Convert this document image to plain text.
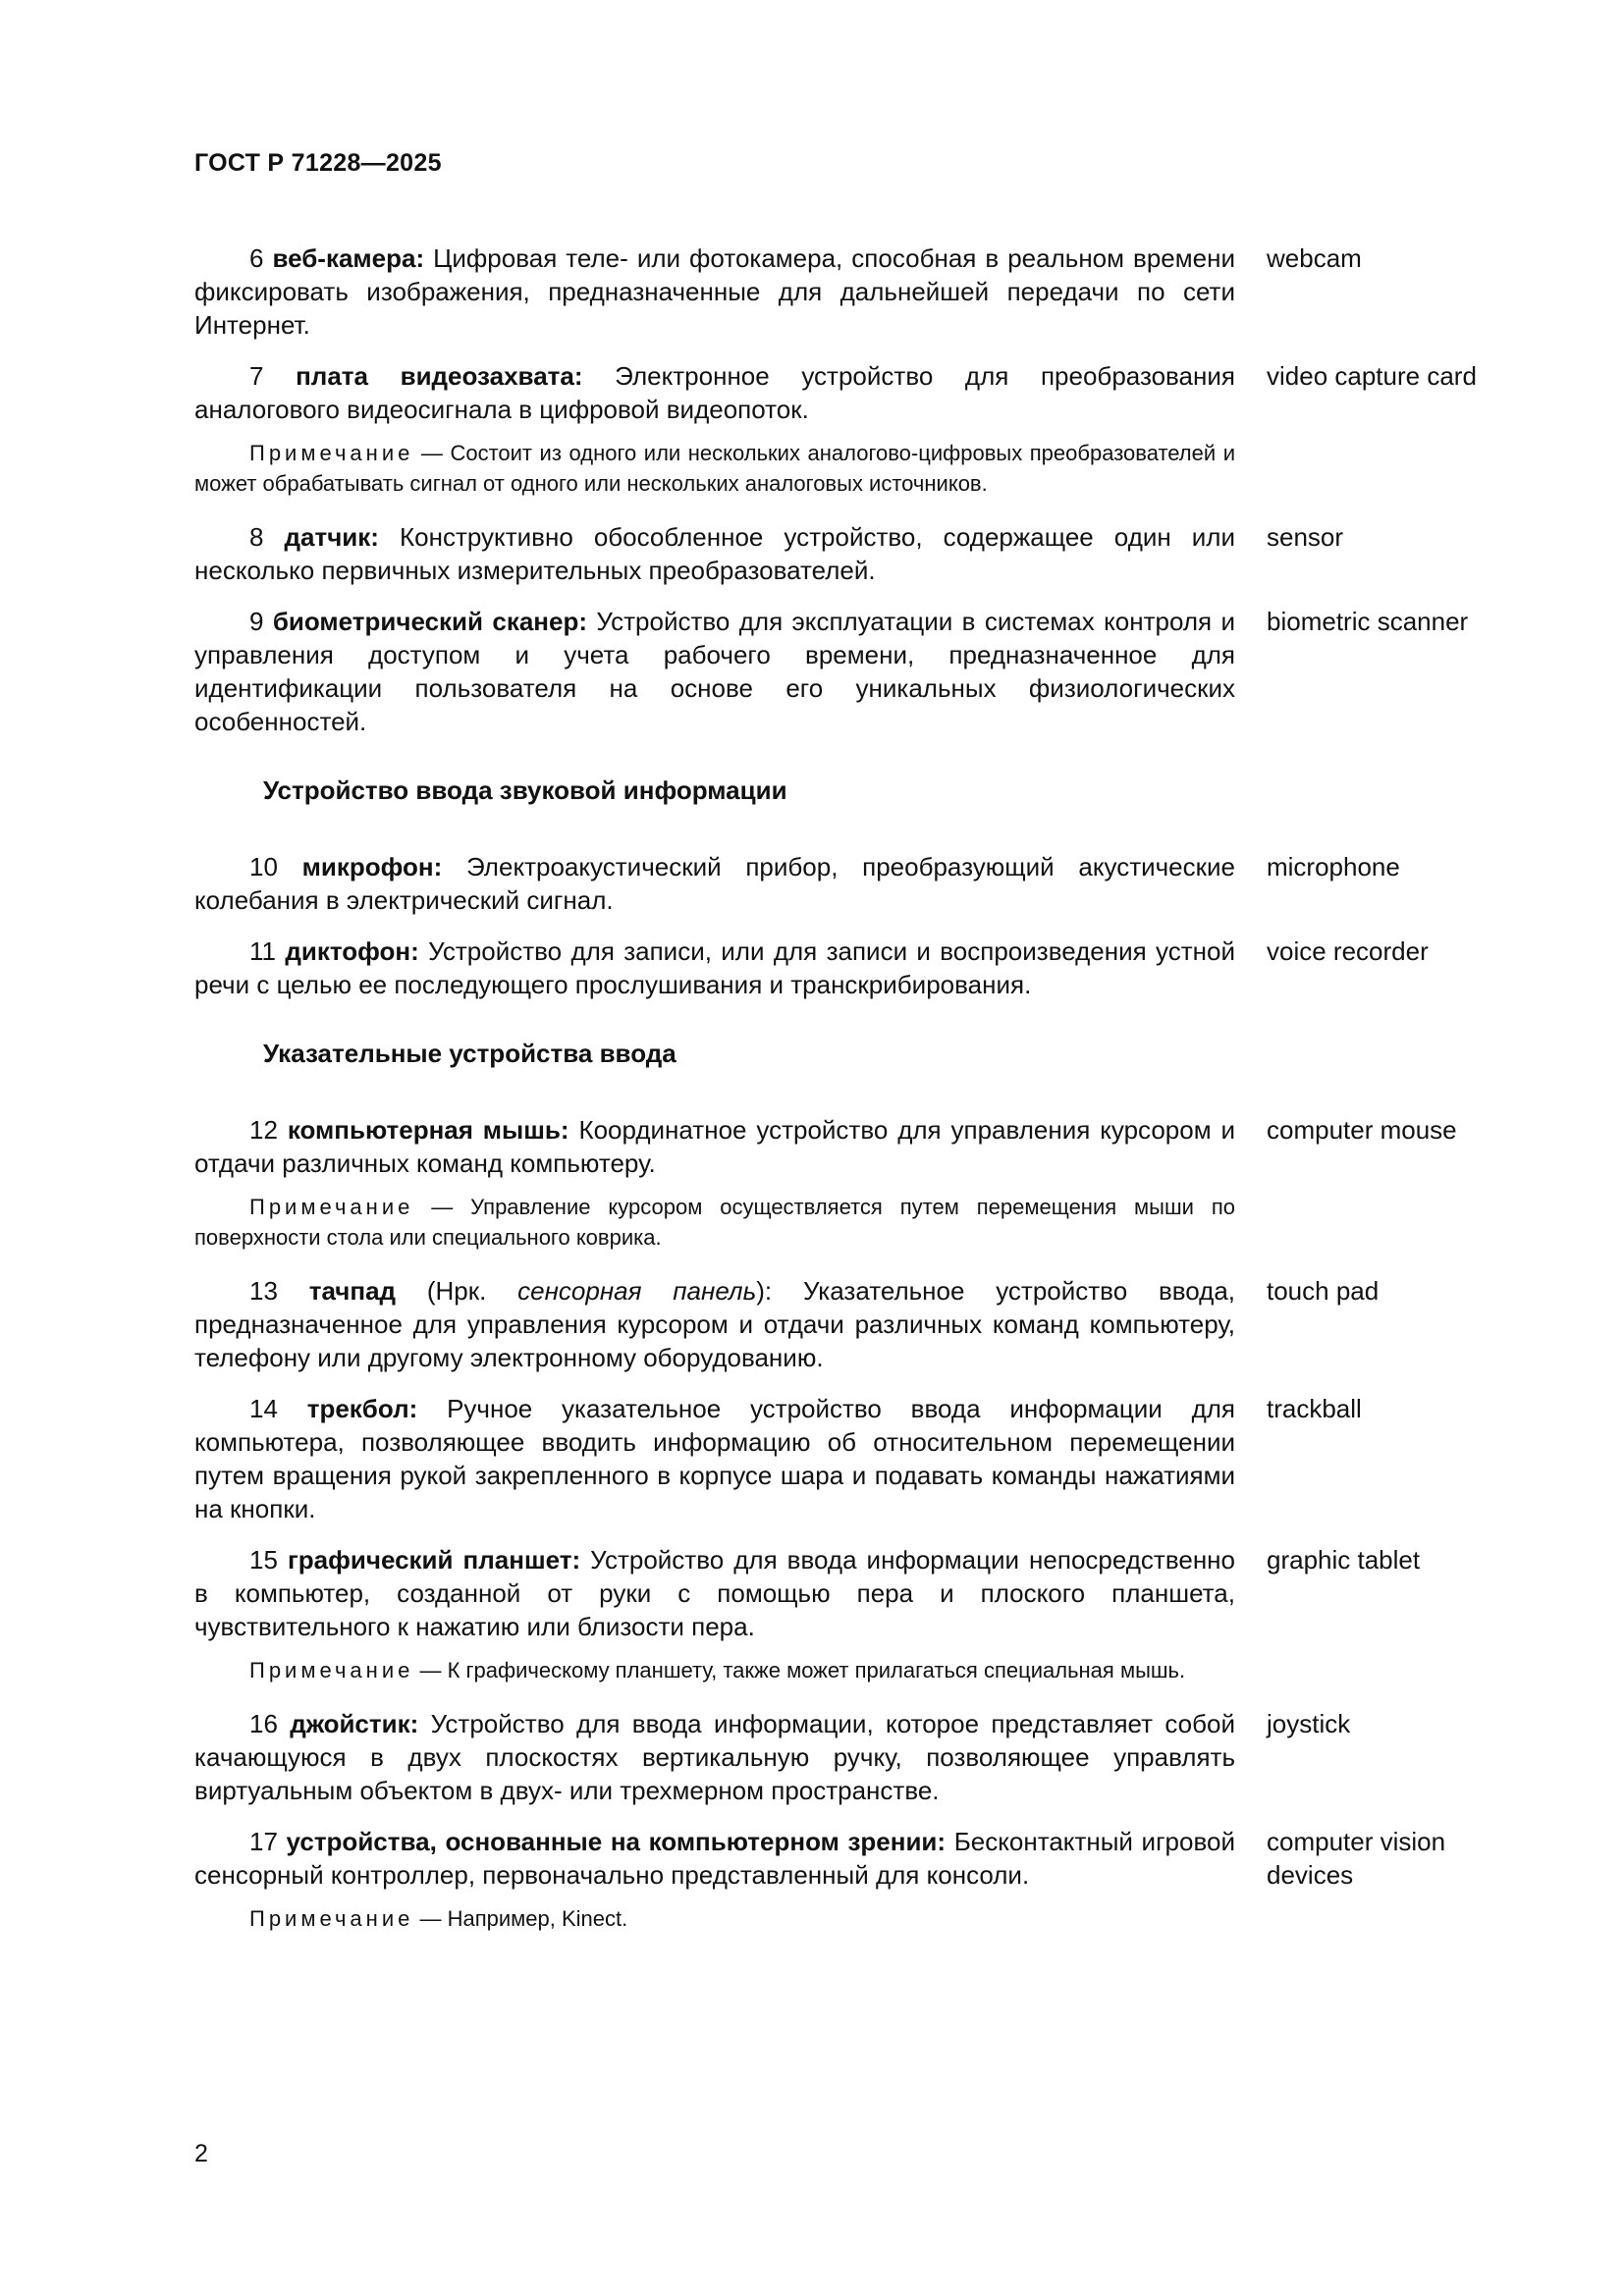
ГОСТ Р 71228—2025
6 веб-камера: Цифровая теле- или фотокамера, способная в реальном времени фиксировать изображения, предназначенные для дальнейшей передачи по сети Интернет.
webcam
7 плата видеозахвата: Электронное устройство для преобразования аналогового видеосигнала в цифровой видеопоток.
video capture card
Примечание — Состоит из одного или нескольких аналогово-цифровых преобразователей и может обрабатывать сигнал от одного или нескольких аналоговых источников.
8 датчик: Конструктивно обособленное устройство, содержащее один или несколько первичных измерительных преобразователей.
sensor
9 биометрический сканер: Устройство для эксплуатации в системах контроля и управления доступом и учета рабочего времени, предназначенное для идентификации пользователя на основе его уникальных физиологических особенностей.
biometric scanner
Устройство ввода звуковой информации
10 микрофон: Электроакустический прибор, преобразующий акустические колебания в электрический сигнал.
microphone
11 диктофон: Устройство для записи, или для записи и воспроизведения устной речи с целью ее последующего прослушивания и транскрибирования.
voice recorder
Указательные устройства ввода
12 компьютерная мышь: Координатное устройство для управления курсором и отдачи различных команд компьютеру.
computer mouse
Примечание — Управление курсором осуществляется путем перемещения мыши по поверхности стола или специального коврика.
13 тачпад (Нрк. сенсорная панель): Указательное устройство ввода, предназначенное для управления курсором и отдачи различных команд компьютеру, телефону или другому электронному оборудованию.
touch pad
14 трекбол: Ручное указательное устройство ввода информации для компьютера, позволяющее вводить информацию об относительном перемещении путем вращения рукой закрепленного в корпусе шара и подавать команды нажатиями на кнопки.
trackball
15 графический планшет: Устройство для ввода информации непосредственно в компьютер, созданной от руки с помощью пера и плоского планшета, чувствительного к нажатию или близости пера.
graphic tablet
Примечание — К графическому планшету, также может прилагаться специальная мышь.
16 джойстик: Устройство для ввода информации, которое представляет собой качающуюся в двух плоскостях вертикальную ручку, позволяющее управлять виртуальным объектом в двух- или трехмерном пространстве.
joystick
17 устройства, основанные на компьютерном зрении: Бесконтактный игровой сенсорный контроллер, первоначально представленный для консоли.
computer vision devices
Примечание — Например, Kinect.
2
